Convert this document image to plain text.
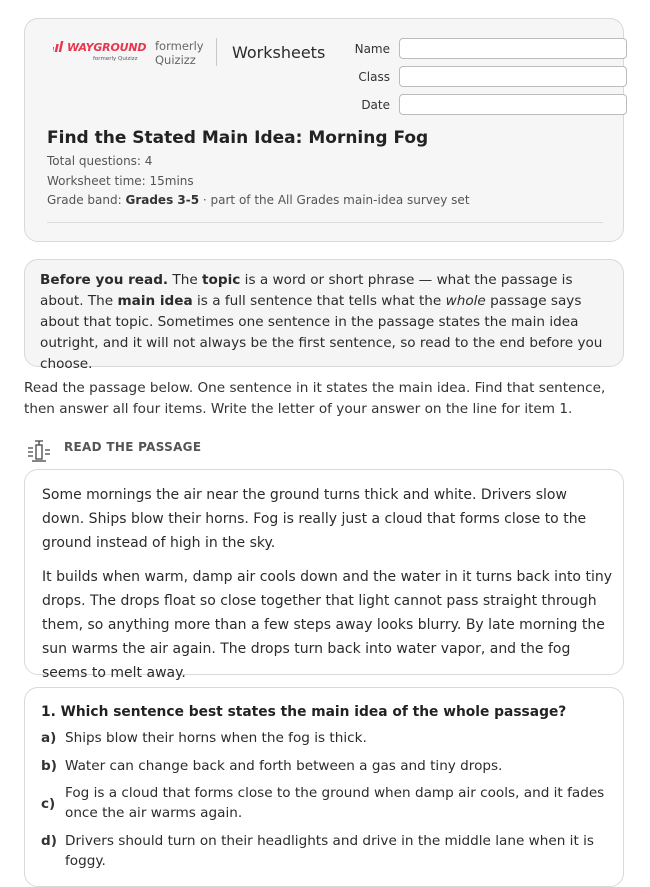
WAYGROUND
formerly Quizizz
formerly
Quizizz	Worksheets	Name
Class
Date
Find the Stated Main Idea: Morning Fog
Total questions: 4
Worksheet time: 15mins
Grade band: Grades 3-5 · part of the All Grades main-idea survey set
Before you read. The topic is a word or short phrase — what the passage is about. The main idea is a full sentence that tells what the whole passage says about that topic. Sometimes one sentence in the passage states the main idea outright, and it will not always be the first sentence, so read to the end before you choose.
Read the passage below. One sentence in it states the main idea. Find that sentence, then answer all four items. Write the letter of your answer on the line for item 1.
READ THE PASSAGE
Some mornings the air near the ground turns thick and white. Drivers slow down. Ships blow their horns. Fog is really just a cloud that forms close to the ground instead of high in the sky.
It builds when warm, damp air cools down and the water in it turns back into tiny drops. The drops float so close together that light cannot pass straight through them, so anything more than a few steps away looks blurry. By late morning the sun warms the air again. The drops turn back into water vapor, and the fog seems to melt away.
1. Which sentence best states the main idea of the whole passage?
a) Ships blow their horns when the fog is thick.
b) Water can change back and forth between a gas and tiny drops.
c)
Fog is a cloud that forms close to the ground when damp air cools, and it fades once the air warms again.
d) Drivers should turn on their headlights and drive in the middle lane when it is foggy.
